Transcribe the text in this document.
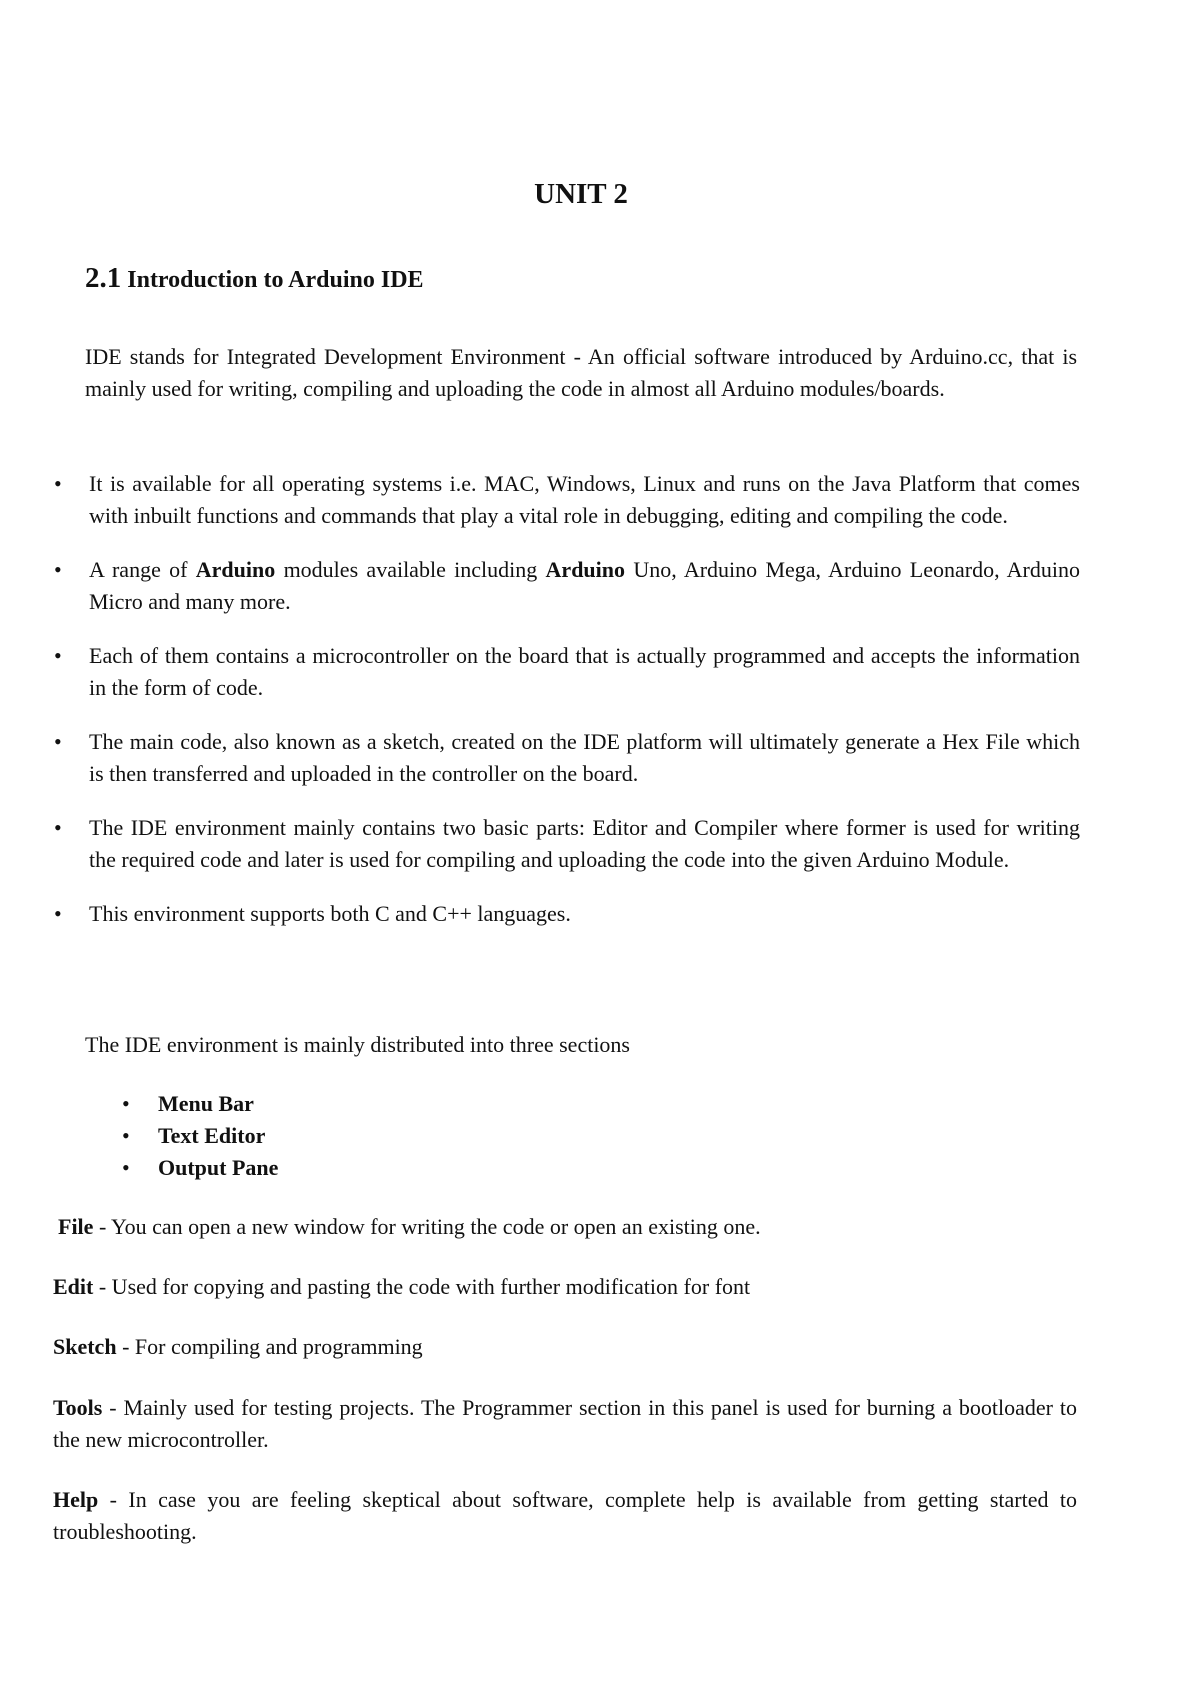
UNIT 2
2.1 Introduction to Arduino IDE

IDE stands for Integrated Development Environment - An official software introduced by Arduino.cc, that is mainly used for writing, compiling and uploading the code in almost all Arduino modules/boards.

• It is available for all operating systems i.e. MAC, Windows, Linux and runs on the Java Platform that comes with inbuilt functions and commands that play a vital role in debugging, editing and compiling the code.
• A range of Arduino modules available including Arduino Uno, Arduino Mega, Arduino Leonardo, Arduino Micro and many more.
• Each of them contains a microcontroller on the board that is actually programmed and accepts the information in the form of code.
• The main code, also known as a sketch, created on the IDE platform will ultimately generate a Hex File which is then transferred and uploaded in the controller on the board.
• The IDE environment mainly contains two basic parts: Editor and Compiler where former is used for writing the required code and later is used for compiling and uploading the code into the given Arduino Module.
• This environment supports both C and C++ languages.

The IDE environment is mainly distributed into three sections

• Menu Bar
• Text Editor
• Output Pane

File - You can open a new window for writing the code or open an existing one.

Edit - Used for copying and pasting the code with further modification for font

Sketch - For compiling and programming

Tools - Mainly used for testing projects. The Programmer section in this panel is used for burning a bootloader to the new microcontroller.

Help - In case you are feeling skeptical about software, complete help is available from getting started to troubleshooting.
